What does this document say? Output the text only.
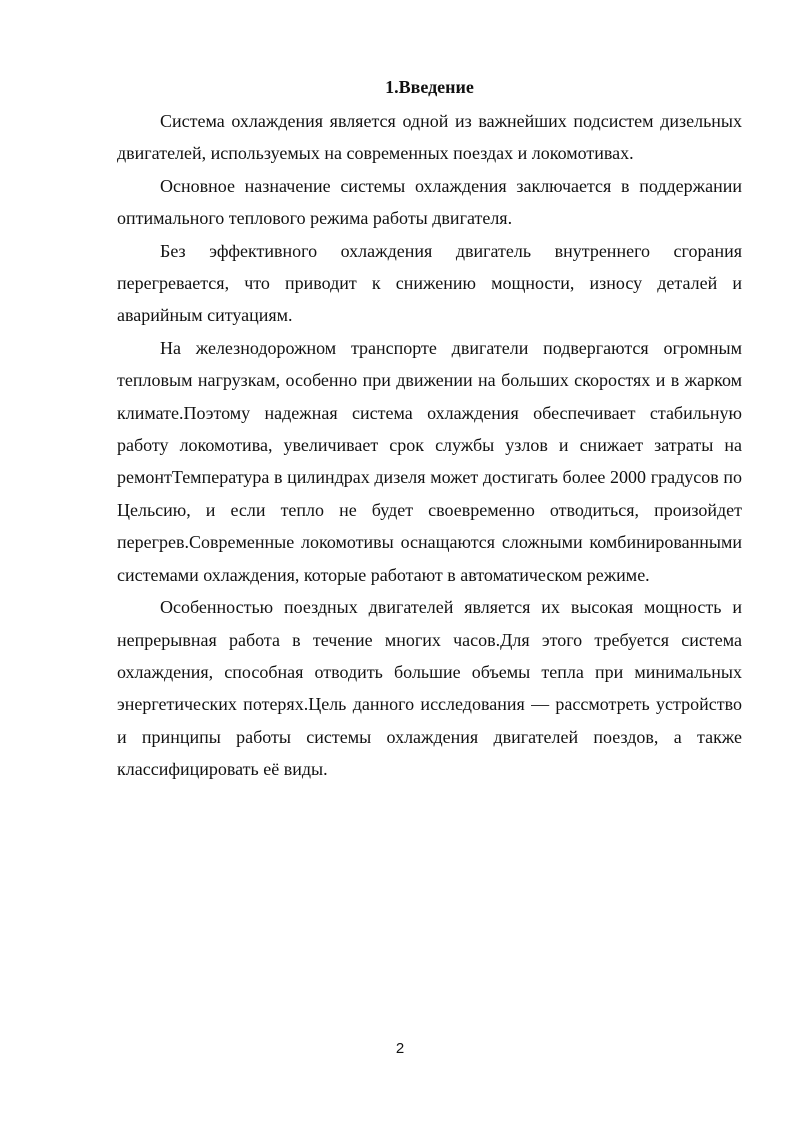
1.Введение

Система охлаждения является одной из важнейших подсистем дизельных двигателей, используемых на современных поездах и локомотивах.

Основное назначение системы охлаждения заключается в поддержании оптимального теплового режима работы двигателя.

Без эффективного охлаждения двигатель внутреннего сгорания перегревается, что приводит к снижению мощности, износу деталей и аварийным ситуациям.

На железнодорожном транспорте двигатели подвергаются огромным тепловым нагрузкам, особенно при движении на больших скоростях и в жарком климате.Поэтому надежная система охлаждения обеспечивает стабильную работу локомотива, увеличивает срок службы узлов и снижает затраты на ремонтТемпература в цилиндрах дизеля может достигать более 2000 градусов по Цельсию, и если тепло не будет своевременно отводиться, произойдет перегрев.Современные локомотивы оснащаются сложными комбинированными системами охлаждения, которые работают в автоматическом режиме.

Особенностью поездных двигателей является их высокая мощность и непрерывная работа в течение многих часов.Для этого требуется система охлаждения, способная отводить большие объемы тепла при минимальных энергетических потерях.Цель данного исследования — рассмотреть устройство и принципы работы системы охлаждения двигателей поездов, а также классифицировать её виды.

2
